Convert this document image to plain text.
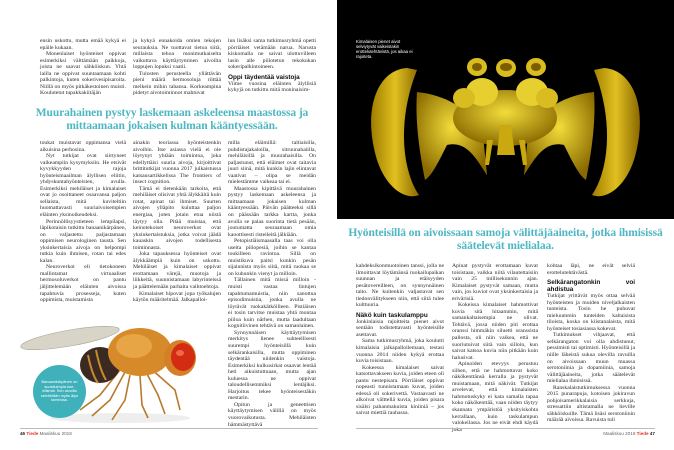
ensin uskottu, mutta emää kykyä ei epäile kukaan.

Monenlaiset hyönteiset oppivat esimerkiksi välttämään paikkoja, joista ne saavat sähköiskun. Yhtä lailla ne oppivat suuntaamaan kohti palkintoja, kuten sokerivesipisaroita. Niillä on myös pitkäkestoinen muisti. Koulutetut tupakkakiitäjän

ja kykyä ennakoida omien tekojen seurauksia. Ne tuottavat tietoa siitä, millaista tehoa monimutkaiselta vaikuttava käyttäytyminen aivoilta loppujen lopuksi vaatii.

Tulosten perusteella yllättävän pieni määrä hermosoluja riittää melkein mihin tahansa. Korkeampina pidetyt aivotoiminnot mahtuvat

lun lisäksi sama tutkimusryhmä opetti pörriäiset vetämään narua. Narusta kiskomalla ne saivat ulottuvilleen lasin alle piilotetun tekokukan sokeripalkintoineen.

Oppi täydentää vaistoja

Viime vuosina eläinten älyllisiä kykyjä on tutkittu mitä moninaisim-

Muurahainen pystyy laskemaan askeleensa maastossa ja mittaamaan jokaisen kulman kääntyessään.

toukat muistavat oppimansa vielä aikuisina perhosina.

Nyt tutkijat ovat siirtyneet vaikeampiin kysymyksiin. He etsivät kyvykkyyden rajoja hyönteismaailman älyllisen eliitin, yhdyskuntahyönteisten, avulla. Esimerkiksi mehiläiset ja kimalaiset ovat jo osoittaneet osaavansa paljon sellaista, mitä kuviteltiin huomattavasti suuriaivoisempien eläinten yksinoikeudeksi.

Perinnöllisyystieteen lempilapsi, läpikotaisin tutkittu banaanikärpänen, on valjastettu paljastamaan oppimisen neurologinen tausta. Sen yksinkertaisia aivoja on helpompi tutkia kuin ihmisen, rotan tai edes kalan.

Neuroverkot eli tietokoneen mallintamat virtuaaliset hermosoluverkot on pantu jäljittelemään eläinten aivoissa tapahtuvia prosesseja, kuten oppimista, muistamista

ainakin teoriassa hyönteistenkin aivoihin. Itse asiassa vielä ei ole löytynyt yhtään toimintoa, joka edellyttäisi suuria aivoja, kirjoittivat brittitutkijat vuonna 2017 julkaistussa katsausartikkelissa The frontiers of insect cognition.

Tämä ei tietenkään tarkoita, että mehiläiset olisivat yhtä älykkäitä kuin rotat, apinat tai ihmiset. Suurten aivojen ylläpito kuluttaa paljon energiaa, joten jotain etua niistä täytyy olla. Pitää muistaa, että keinotekoiset neuroverkot ovat yksinkertaistuksia, jotka voivat jäädä kauaskin aivojen todellisesta toiminnasta.

Joka tapauksessa hyönteiset ovat älykkäämpiä kuin on uskottu. Mehiläiset ja kimalaiset oppivat erottamaan värejä, muotoja ja liikkeitä, suunnistamaan labyrinteissä ja päättelemään parhaita vaihtoehtoja.

Kimalaiset hipovat jopa työkalujen käytön määritelmää. Jalkapalloi-

milla eläimillä: taltiaisilla, puhdistajakaloilla, sitruunahaiilla, mehiläisillä ja muurahaisilla. On paljastunut, että eläimet ovat taitavia juuri siinä, mitä kunkin lajin elintavat vaativat – olipa se meidän mielestämme vaikeaa tai ei.

Maastossa kipittävä muurahainen pystyy laskemaan askeleensa ja mittaamaan jokaisen kulman kääntyessään. Päivän päätteeksi sillä on päässään tarkka kartta, jonka avulla se palaa suorinta tietä pesään, joutumatta seuraamaan omia kaoottisesti risteileitä jälkiään.

Petopistiäismaasalla taas voi olla useita piilopesiä, joihin se kantaa toukilleen ravintoa. Sillä on muistikuva paitsi kunkin pesän sijainnista myös siitä, mitä ruokaa se on kuhunkin vienyt ja milloin.

Tällainen mitä missä milloin -muisti vastaa lintujen tapahtumamuistia, niin sanottua episodimuistia, jonka avulla ne löytävät ruokakätköilleen. Pistiäisen ei tosin tarvitse muistaa yhtä montaa piiloa kuin närhen, mutta laadultaan kognitiivinen tehtävä on samanlainen.

Synnynnäisen käyttäytymisen merkitys lienee suhteellisesti suurempi hyönteisillä kuin selkärankaisilla, mutta oppiminen täydentää niidenkin vaistoja. Esimerkiksi kulkusirkat osaavat lentää heti aikuistuttuaan, mutta ajan kuluessa ne oppivat taloudellisemmiksi lentäjiksi. Harjoitus tekee hyönteisestäkin mestarin.

Opitun ja geneettisen käyttäytymisen välillä on myös vuorovaikutusta. Mehiläisten hämmästyttävä

Banaanikärpänen on suosituimpia koe-eläimiä. Sen aivoilla selvitetään myös älyn toimintaa.
46 Tiede Maaliskuu 2018
Kimalaisen pienet aivot selviytyvät vaikeistakin erottelutehtävistä, jos aikaa ei rajoiteta.
Hyönteisillä on aivoissaan samoja välittäjäaineita, jotka ihmisissä säätelevät mielialaa.

kahdeksikonmuotoinen tanssi, jolla ne ilmoittavat löytämänsä ruokailupaikan suunnan ja etäisyyden pesätovereilleen, on synnynnäinen taito. Ne kuitenkin valjastavat sen tiedonvälitykseen niin, että siitä tulee kulttuuria.

Näkö kuin taskulamppu

Jonkinlaisia rajoitteita pienet aivot sentään todistettavasti hyönteisille asettavat.

Sama tutkimusryhmä, joka koulutti kimalaisia jalkapalloilemaan, testasi vuonna 2014 niiden kykyä erottaa kuvia toisistaan.

Kokeessa kimalaiset saivat katsottavakseen kuvia, joiden eteen oli pantu nestepisara. Pörriäiset oppivat nopeasti tunnistamaan kuvat, joiden edessä oli sokerivettä. Vastaavasti ne alkoivat välttellä kuvia, joiden pisara sisälsi pahanmakuista kiniiniä – jos saivat miettiä rauhassa.

Apinat pystyvät erottamaan kuvat toisistaan, vaikka niitä vilautettaisiin vain 25 millisekunnin ajan. Kimalaiset pystyvät samaan, mutta vain, jos kuviot ovat yksinkertaisia ja erivärisiä.

Kokeissa kimalaiset hahmottivat kuvia sitä hitaammin, mitä samankaltaisempia ne olivat. Tehtävä, jossa niiden piti erottaa oranssi himmäkin siluetti oranssista pallosta, oli niin vaikea, että ne suoriutuivat siitä vain silloin, kun saivat katsoa kuvia niin pitkään kuin halusivat.

Apinoiden etevyys perustuu siihen, että ne hahmottavat koko näkökenttänsä kerralla ja pystyvät muistamaan, mitä näkivät. Tutkijat arvelevat, että kimalaisten hahmotuskyky ei kata samalla tapaa koko näkökenttää, vaan niiden täytyy skannata ympäristöä yksityiskohta kerrallaan, kuin taskulampun valokeilassa. Jos ne eivät ehdi käydä joka

kohtaa läpi, ne eivät selviä erottelutehtävästä.

Selkärangatonkin voi ahdistua

Tutkijat yrittävät myös ottaa selvää hyönteisten ja muiden niveljalkaisten tunteista. Tosin he puhuvat mieluummin tunteiden kaltaisista tiloista, koska on kiistanalaista, mitä hyönteiset tosiasiassa kokevat.

Tutkimukset vihjaavat, että selkärangaton voi olla ahdistunut, pessimisti tai optimisti. Hyönteisillä ja niille läheistä sukua olevilla ravuilla on aivoissaan muun muassa serotoniinia ja dopamiinia, samoja välittäjäaineita, jotka säätelevät mielialaa ihmisissä.

Ranskalaistutkimuksessa vuonna 2015 punarapuja, kotoisen jokiravun pohjoisamerikkalaisia serkkuja, stressattiin altistamalla ne lieville sähköiskuille. Tämä lisäsi serotoniinin määrää aivoissa. Ravuista tuli

Maaliskuu 2018 Tiede 47
